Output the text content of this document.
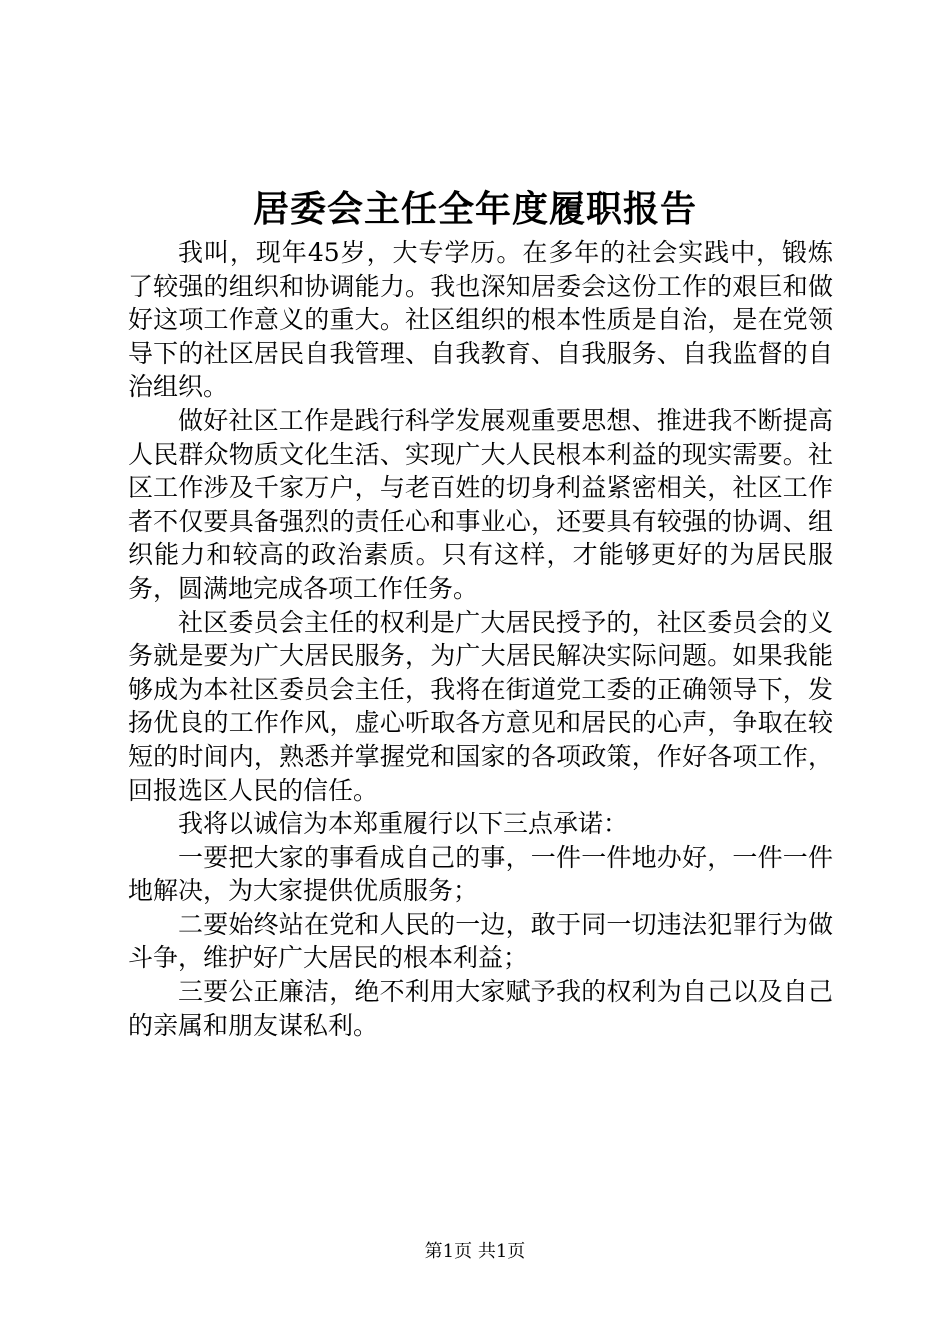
居委会主任全年度履职报告

我叫，现年45岁，大专学历。在多年的社会实践中，锻炼了较强的组织和协调能力。我也深知居委会这份工作的艰巨和做好这项工作意义的重大。社区组织的根本性质是自治，是在党领导下的社区居民自我管理、自我教育、自我服务、自我监督的自治组织。

做好社区工作是践行科学发展观重要思想、推进我不断提高人民群众物质文化生活、实现广大人民根本利益的现实需要。社区工作涉及千家万户，与老百姓的切身利益紧密相关，社区工作者不仅要具备强烈的责任心和事业心，还要具有较强的协调、组织能力和较高的政治素质。只有这样，才能够更好的为居民服务，圆满地完成各项工作任务。

社区委员会主任的权利是广大居民授予的，社区委员会的义务就是要为广大居民服务，为广大居民解决实际问题。如果我能够成为本社区委员会主任，我将在街道党工委的正确领导下，发扬优良的工作作风，虚心听取各方意见和居民的心声，争取在较短的时间内，熟悉并掌握党和国家的各项政策，作好各项工作，回报选区人民的信任。

我将以诚信为本郑重履行以下三点承诺：

一要把大家的事看成自己的事，一件一件地办好，一件一件地解决，为大家提供优质服务；

二要始终站在党和人民的一边，敢于同一切违法犯罪行为做斗争，维护好广大居民的根本利益；

三要公正廉洁，绝不利用大家赋予我的权利为自己以及自己的亲属和朋友谋私利。

第1页 共1页
